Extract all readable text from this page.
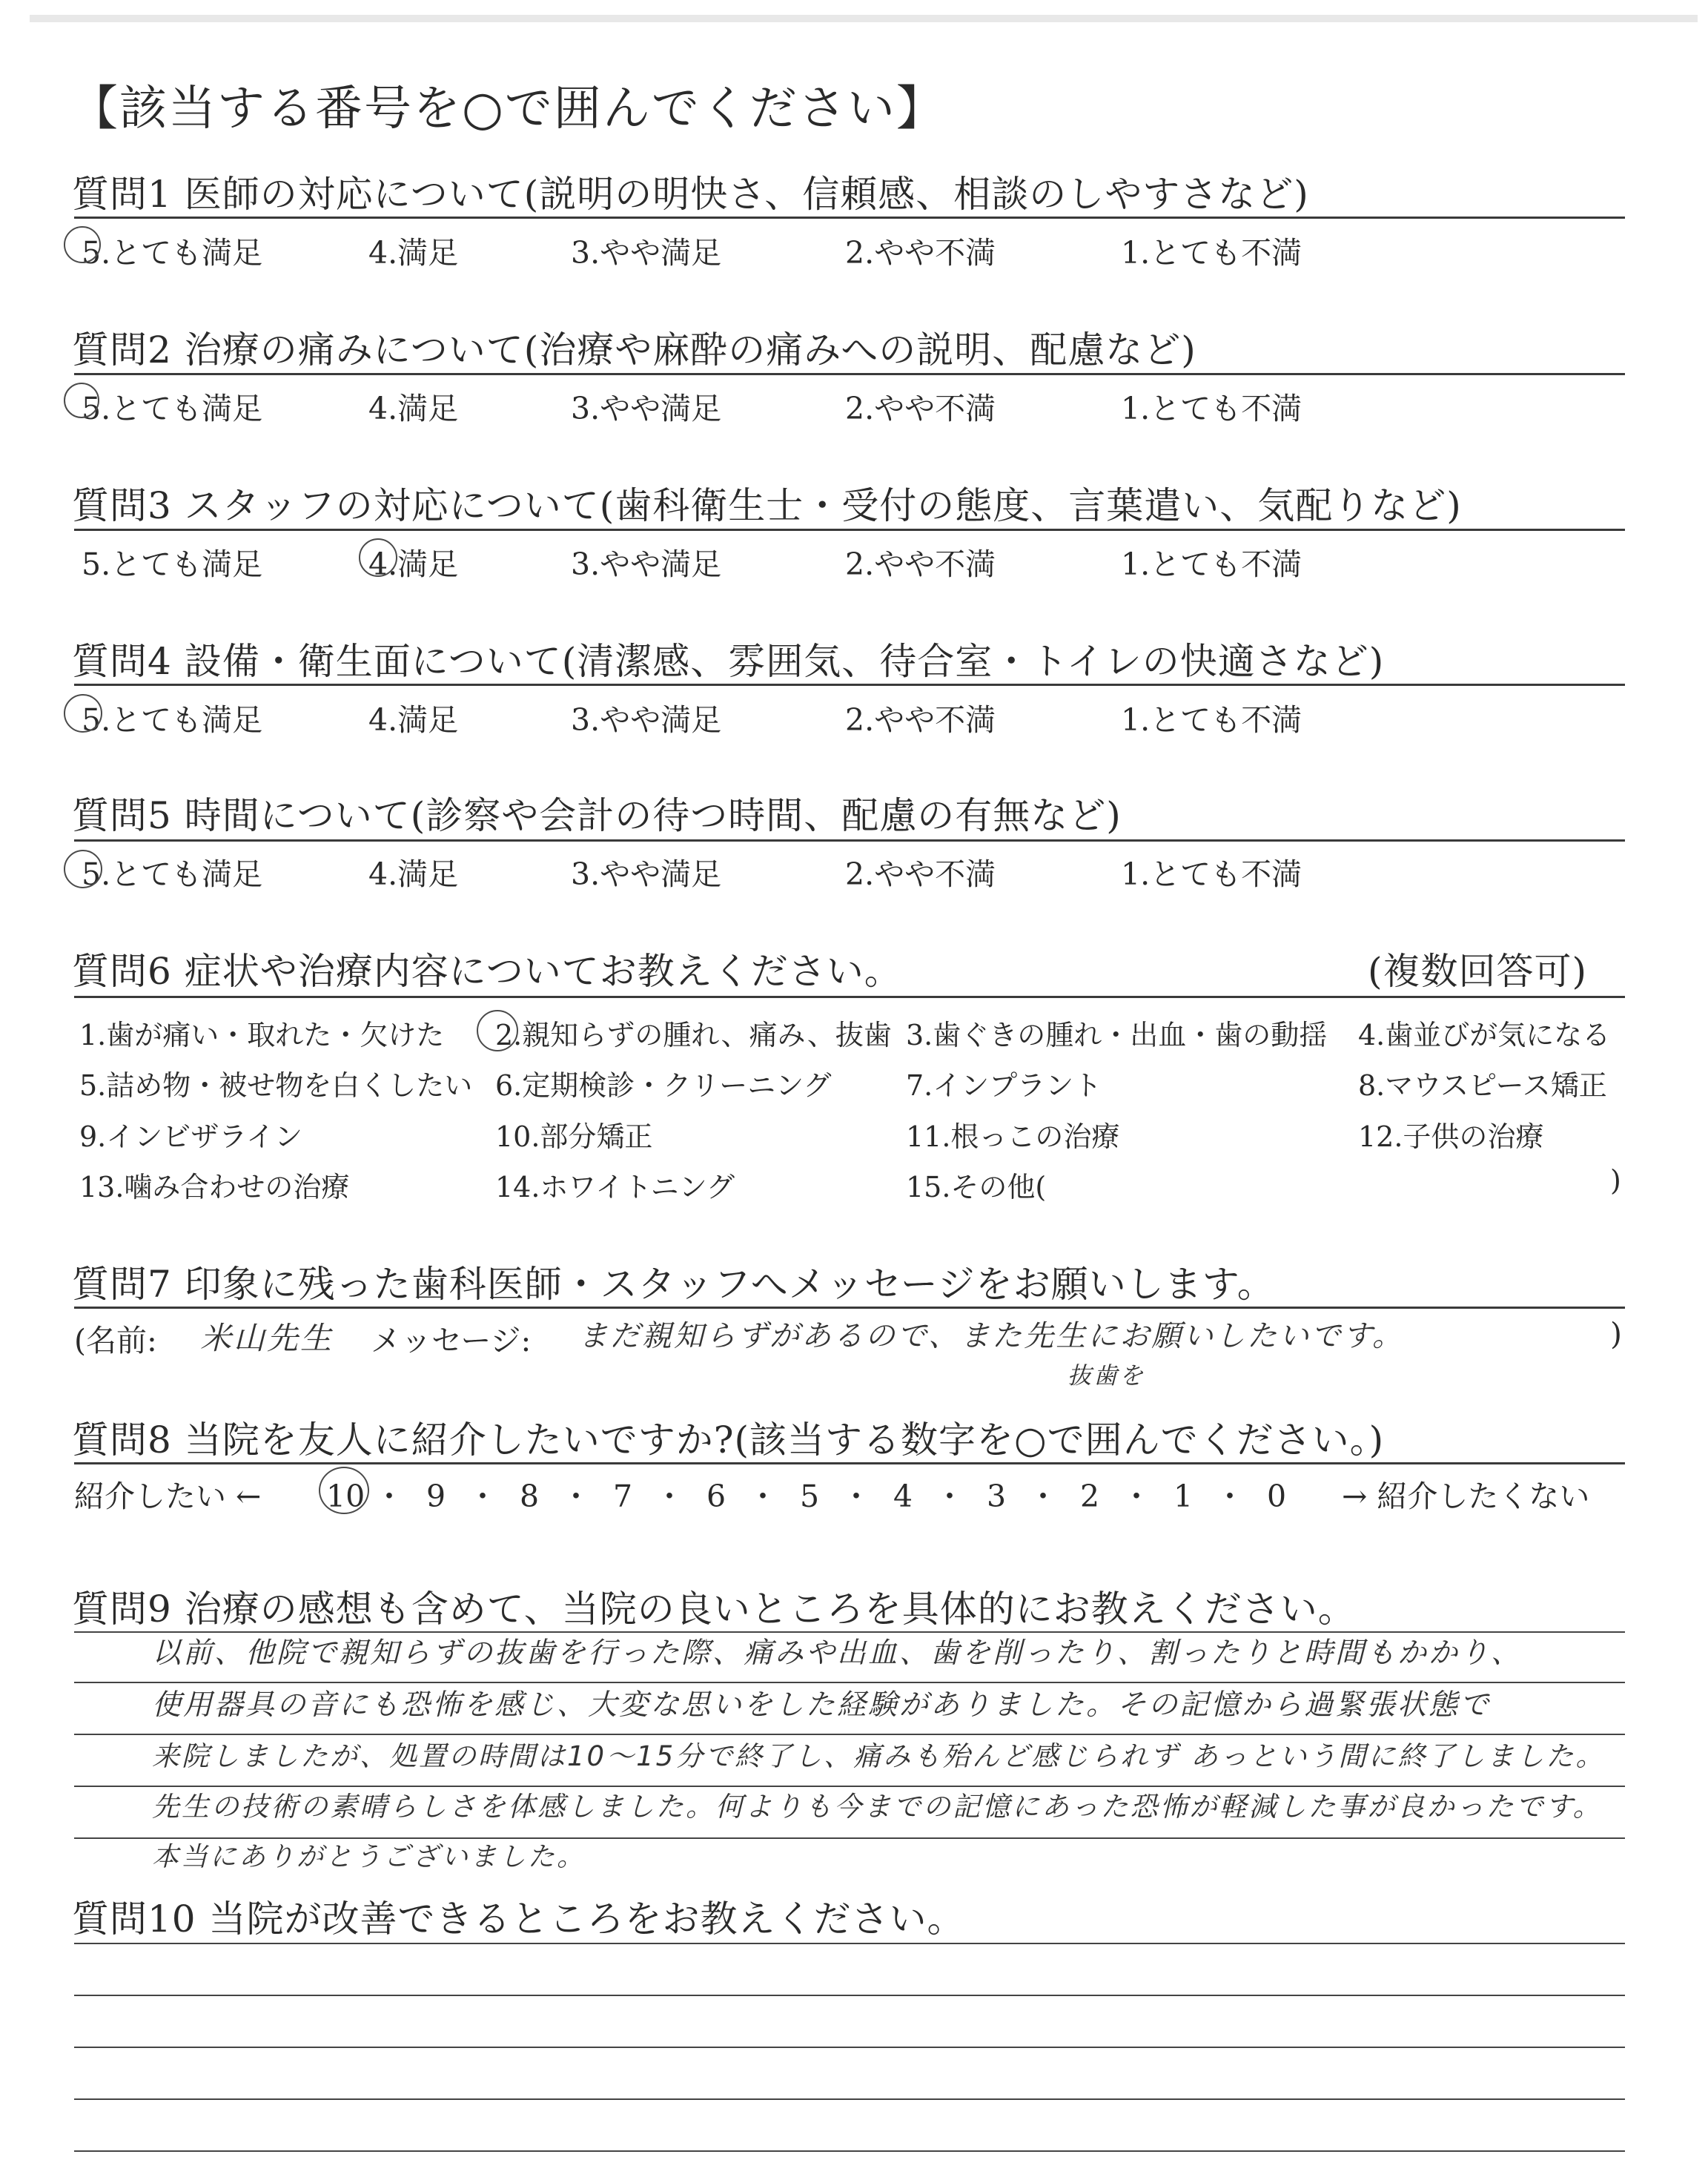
【該当する番号を○で囲んでください】
質問1 医師の対応について(説明の明快さ、信頼感、相談のしやすさなど)
5.とても満足	4.満足	3.やや満足	2.やや不満	1.とても不満
質問2 治療の痛みについて(治療や麻酔の痛みへの説明、配慮など)
5.とても満足	4.満足	3.やや満足	2.やや不満	1.とても不満
質問3 スタッフの対応について(歯科衛生士・受付の態度、言葉遣い、気配りなど)
5.とても満足	4.満足	3.やや満足	2.やや不満	1.とても不満
質問4 設備・衛生面について(清潔感、雰囲気、待合室・トイレの快適さなど)
5.とても満足	4.満足	3.やや満足	2.やや不満	1.とても不満
質問5 時間について(診察や会計の待つ時間、配慮の有無など)
5.とても満足	4.満足	3.やや満足	2.やや不満	1.とても不満
質問6 症状や治療内容についてお教えください。	(複数回答可)
1.歯が痛い・取れた・欠けた 2.親知らずの腫れ、痛み、抜歯 3.歯ぐきの腫れ・出血・歯の動揺 4.歯並びが気になる
5.詰め物・被せ物を白くしたい 6.定期検診・クリーニング	7.インプラント	8.マウスピース矯正
9.インビザライン	10.部分矯正	11.根っこの治療	12.子供の治療
13.噛み合わせの治療	14.ホワイトニング	15.その他(	)
質問7 印象に残った歯科医師・スタッフへメッセージをお願いします。
(名前: 米山先生 メッセージ: まだ親知らずがあるので、また先生にお願いしたいです。
抜歯を
)
質問8 当院を友人に紹介したいですか?(該当する数字を○で囲んでください。)
紹介したい ←	→ 紹介したくない
10 ・ 9 ・ 8 ・ 7 ・ 6 ・ 5 ・ 4 ・ 3 ・ 2 ・ 1 ・ 0
質問9 治療の感想も含めて、当院の良いところを具体的にお教えください。
以前、他院で親知らずの抜歯を行った際、痛みや出血、歯を削ったり、割ったりと時間もかかり、
使用器具の音にも恐怖を感じ、大変な思いをした経験がありました。その記憶から過緊張状態で
来院しましたが、処置の時間は10〜15分で終了し、痛みも殆んど感じられず あっという間に終了しました。
先生の技術の素晴らしさを体感しました。何よりも今までの記憶にあった恐怖が軽減した事が良かったです。
本当にありがとうございました。
質問10 当院が改善できるところをお教えください。
